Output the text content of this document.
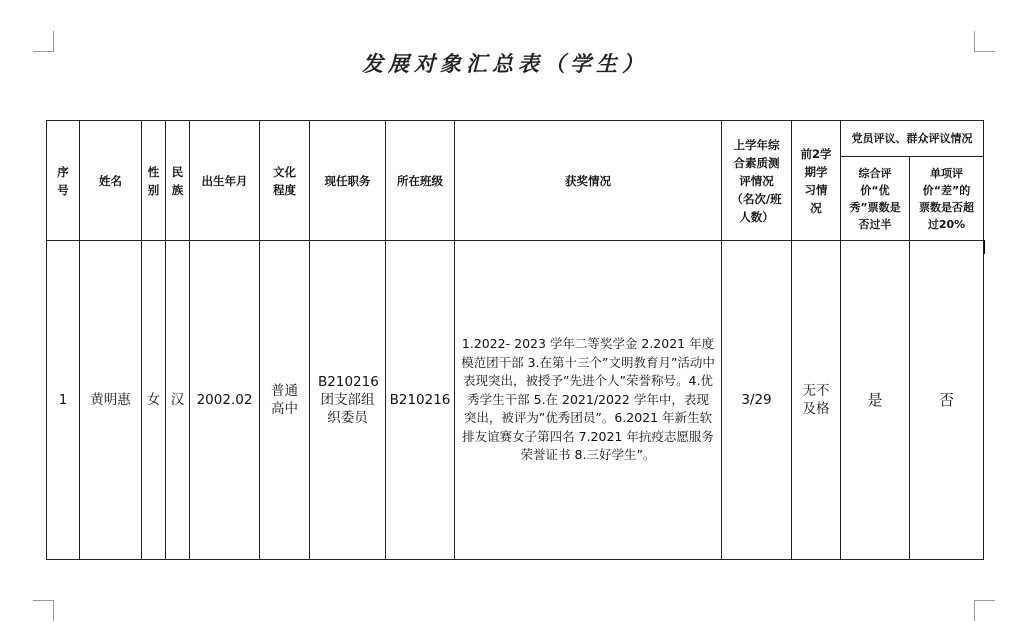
发展对象汇总表（学生）
序号	姓名	性别	民族	出生年月	文化程度	现任职务	所在班级	获奖情况	上学年综合素质测评情况（名次/班人数）	前2学期学习情况	党员评议、群众评议情况	
											综合评价“优秀”票数是否过半	单项评价“差”的票数是否超过20%
1	黄明惠	女	汉	2002.02	普通高中	B210216团支部组织委员	B210216	1.2022- 2023 学年二等奖学金 2.2021 年度模范团干部 3.在第十三个”文明教育月”活动中表现突出，被授予”先进个人”荣誉称号。4.优秀学生干部 5.在 2021/2022 学年中，表现突出，被评为”优秀团员”。6.2021 年新生软排友谊赛女子第四名 7.2021 年抗疫志愿服务荣誉证书 8.三好学生”。	3/29	无不及格	是	否
